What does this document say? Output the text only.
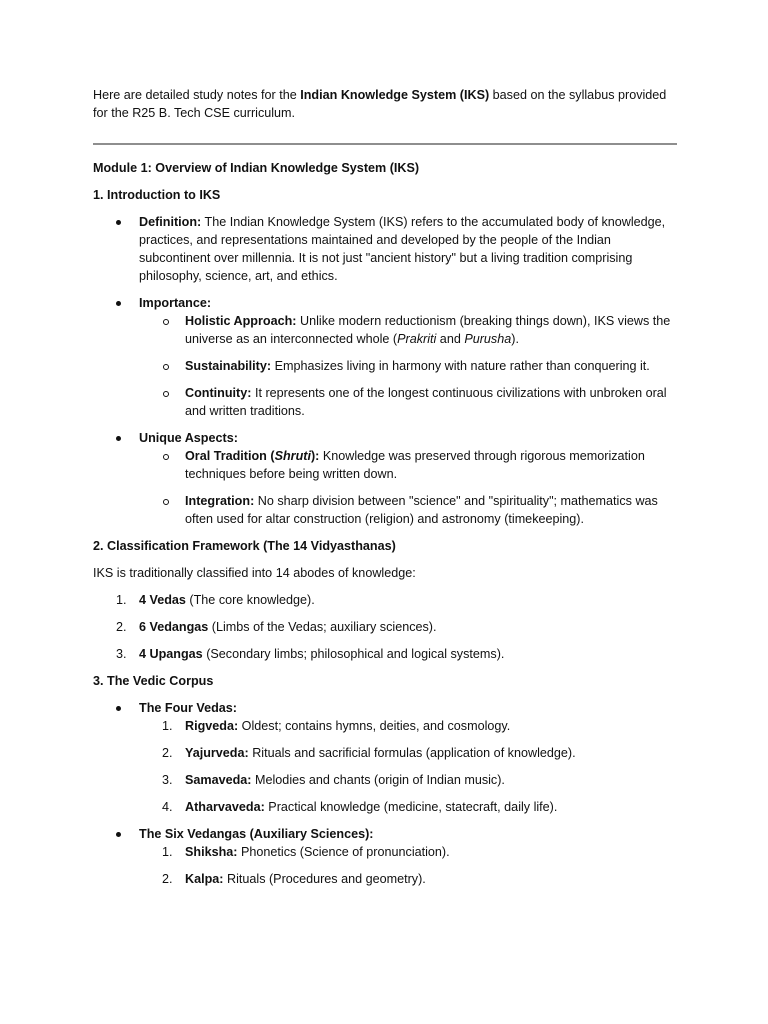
Here are detailed study notes for the Indian Knowledge System (IKS) based on the syllabus provided for the R25 B. Tech CSE curriculum.

Module 1: Overview of Indian Knowledge System (IKS)

1. Introduction to IKS

Definition: The Indian Knowledge System (IKS) refers to the accumulated body of knowledge, practices, and representations maintained and developed by the people of the Indian subcontinent over millennia. It is not just "ancient history" but a living tradition comprising philosophy, science, art, and ethics.
Importance:
Holistic Approach: Unlike modern reductionism (breaking things down), IKS views the universe as an interconnected whole (Prakriti and Purusha).
Sustainability: Emphasizes living in harmony with nature rather than conquering it.
Continuity: It represents one of the longest continuous civilizations with unbroken oral and written traditions.
Unique Aspects:
Oral Tradition (Shruti): Knowledge was preserved through rigorous memorization techniques before being written down.
Integration: No sharp division between "science" and "spirituality"; mathematics was often used for altar construction (religion) and astronomy (timekeeping).

2. Classification Framework (The 14 Vidyasthanas)

IKS is traditionally classified into 14 abodes of knowledge:

1. 4 Vedas (The core knowledge).
2. 6 Vedangas (Limbs of the Vedas; auxiliary sciences).
3. 4 Upangas (Secondary limbs; philosophical and logical systems).

3. The Vedic Corpus

The Four Vedas:
1. Rigveda: Oldest; contains hymns, deities, and cosmology.
2. Yajurveda: Rituals and sacrificial formulas (application of knowledge).
3. Samaveda: Melodies and chants (origin of Indian music).
4. Atharvaveda: Practical knowledge (medicine, statecraft, daily life).
The Six Vedangas (Auxiliary Sciences):
1. Shiksha: Phonetics (Science of pronunciation).
2. Kalpa: Rituals (Procedures and geometry).
